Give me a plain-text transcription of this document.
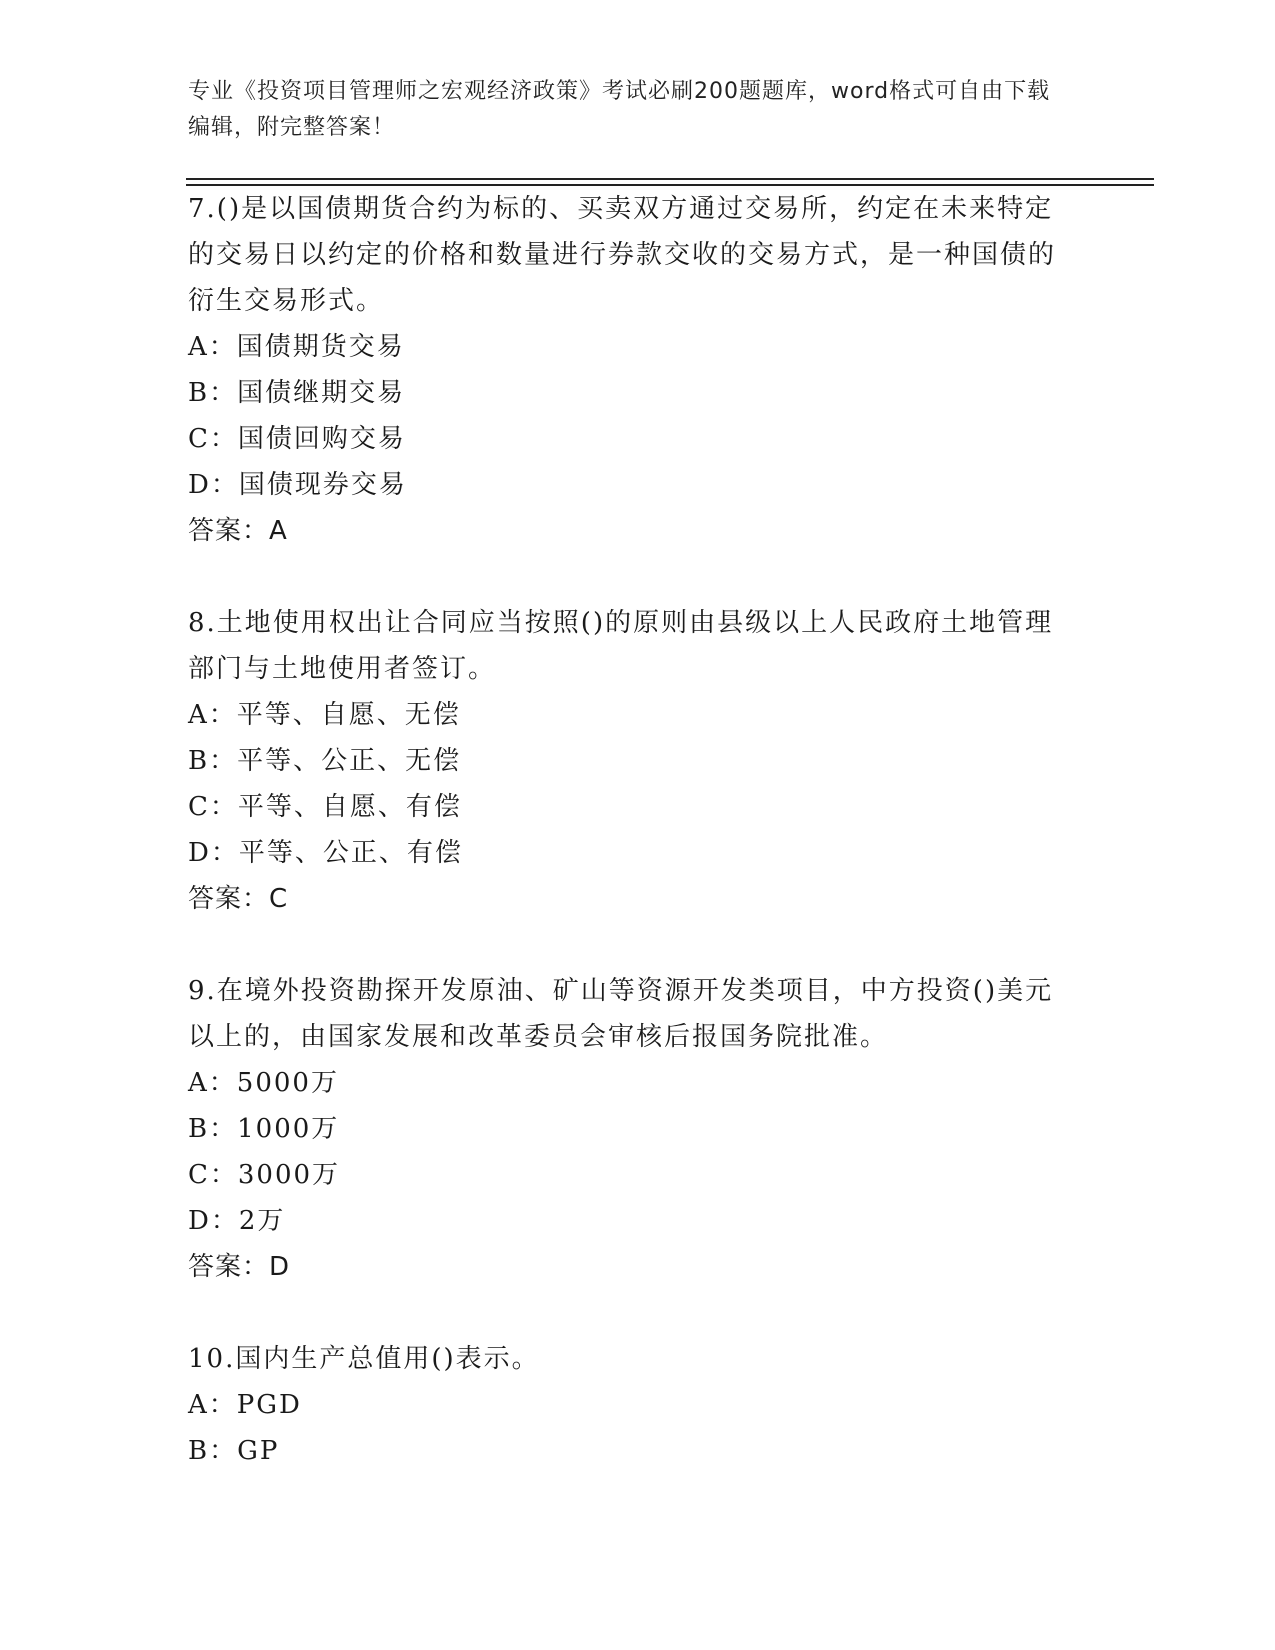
专业《投资项目管理师之宏观经济政策》考试必刷200题题库，word格式可自由下载编辑，附完整答案！

7.()是以国债期货合约为标的、买卖双方通过交易所，约定在未来特定的交易日以约定的价格和数量进行券款交收的交易方式，是一种国债的衍生交易形式。

A：国债期货交易

B：国债继期交易

C：国债回购交易

D：国债现券交易

答案：A

8.土地使用权出让合同应当按照()的原则由县级以上人民政府土地管理部门与土地使用者签订。

A：平等、自愿、无偿

B：平等、公正、无偿

C：平等、自愿、有偿

D：平等、公正、有偿

答案：C

9.在境外投资勘探开发原油、矿山等资源开发类项目，中方投资()美元以上的，由国家发展和改革委员会审核后报国务院批准。

A：5000万

B：1000万

C：3000万

D：2万

答案：D

10.国内生产总值用()表示。

A：PGD

B：GP
